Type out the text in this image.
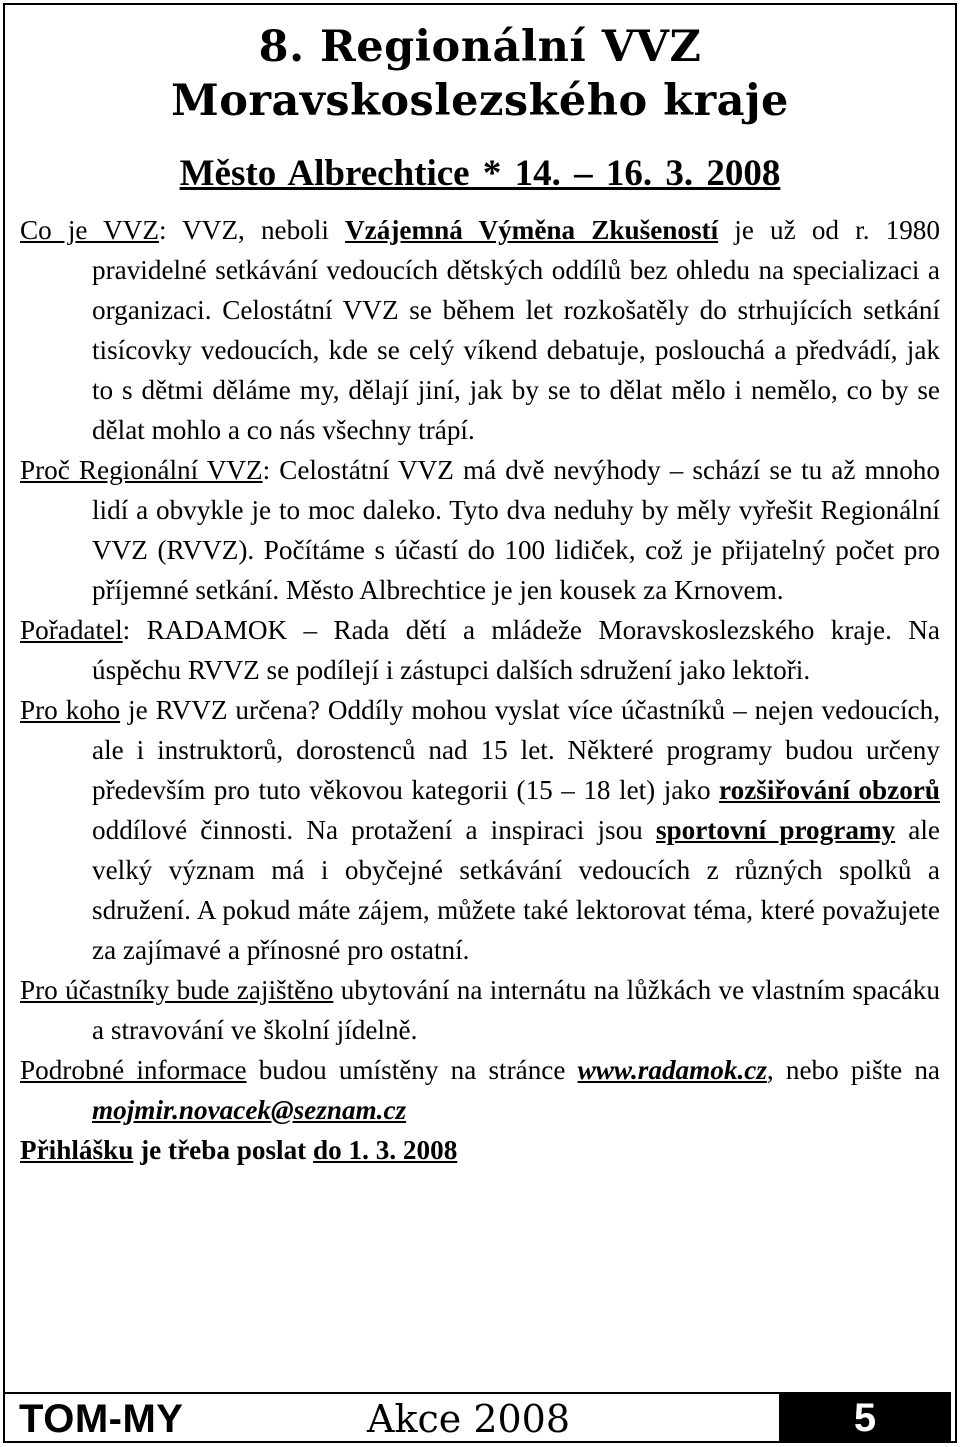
8. Regionální VVZ
Moravskoslezského kraje
Město Albrechtice * 14. – 16. 3. 2008

Co je VVZ: VVZ, neboli Vzájemná Výměna Zkušeností je už od r. 1980 pravidelné setkávání vedoucích dětských oddílů bez ohledu na specializaci a organizaci. Celostátní VVZ se během let rozkošatěly do strhujících setkání tisícovky vedoucích, kde se celý víkend debatuje, poslouchá a předvádí, jak to s dětmi děláme my, dělají jiní, jak by se to dělat mělo i nemělo, co by se dělat mohlo a co nás všechny trápí.

Proč Regionální VVZ: Celostátní VVZ má dvě nevýhody – schází se tu až mnoho lidí a obvykle je to moc daleko. Tyto dva neduhy by měly vyřešit Regionální VVZ (RVVZ). Počítáme s účastí do 100 lidiček, což je přijatelný počet pro příjemné setkání. Město Albrechtice je jen kousek za Krnovem.

Pořadatel: RADAMOK – Rada dětí a mládeže Moravskoslezského kraje. Na úspěchu RVVZ se podílejí i zástupci dalších sdružení jako lektoři.

Pro koho je RVVZ určena? Oddíly mohou vyslat více účastníků – nejen vedoucích, ale i instruktorů, dorostenců nad 15 let. Některé programy budou určeny především pro tuto věkovou kategorii (15 – 18 let) jako rozšiřování obzorů oddílové činnosti. Na protažení a inspiraci jsou sportovní programy ale velký význam má i obyčejné setkávání vedoucích z různých spolků a sdružení. A pokud máte zájem, můžete také lektorovat téma, které považujete za zajímavé a přínosné pro ostatní.

Pro účastníky bude zajištěno ubytování na internátu na lůžkách ve vlastním spacáku a stravování ve školní jídelně.

Podrobné informace budou umístěny na stránce www.radamok.cz, nebo pište na mojmir.novacek@seznam.cz

Přihlášku je třeba poslat do 1. 3. 2008

TOM-MY	Akce 2008	5
